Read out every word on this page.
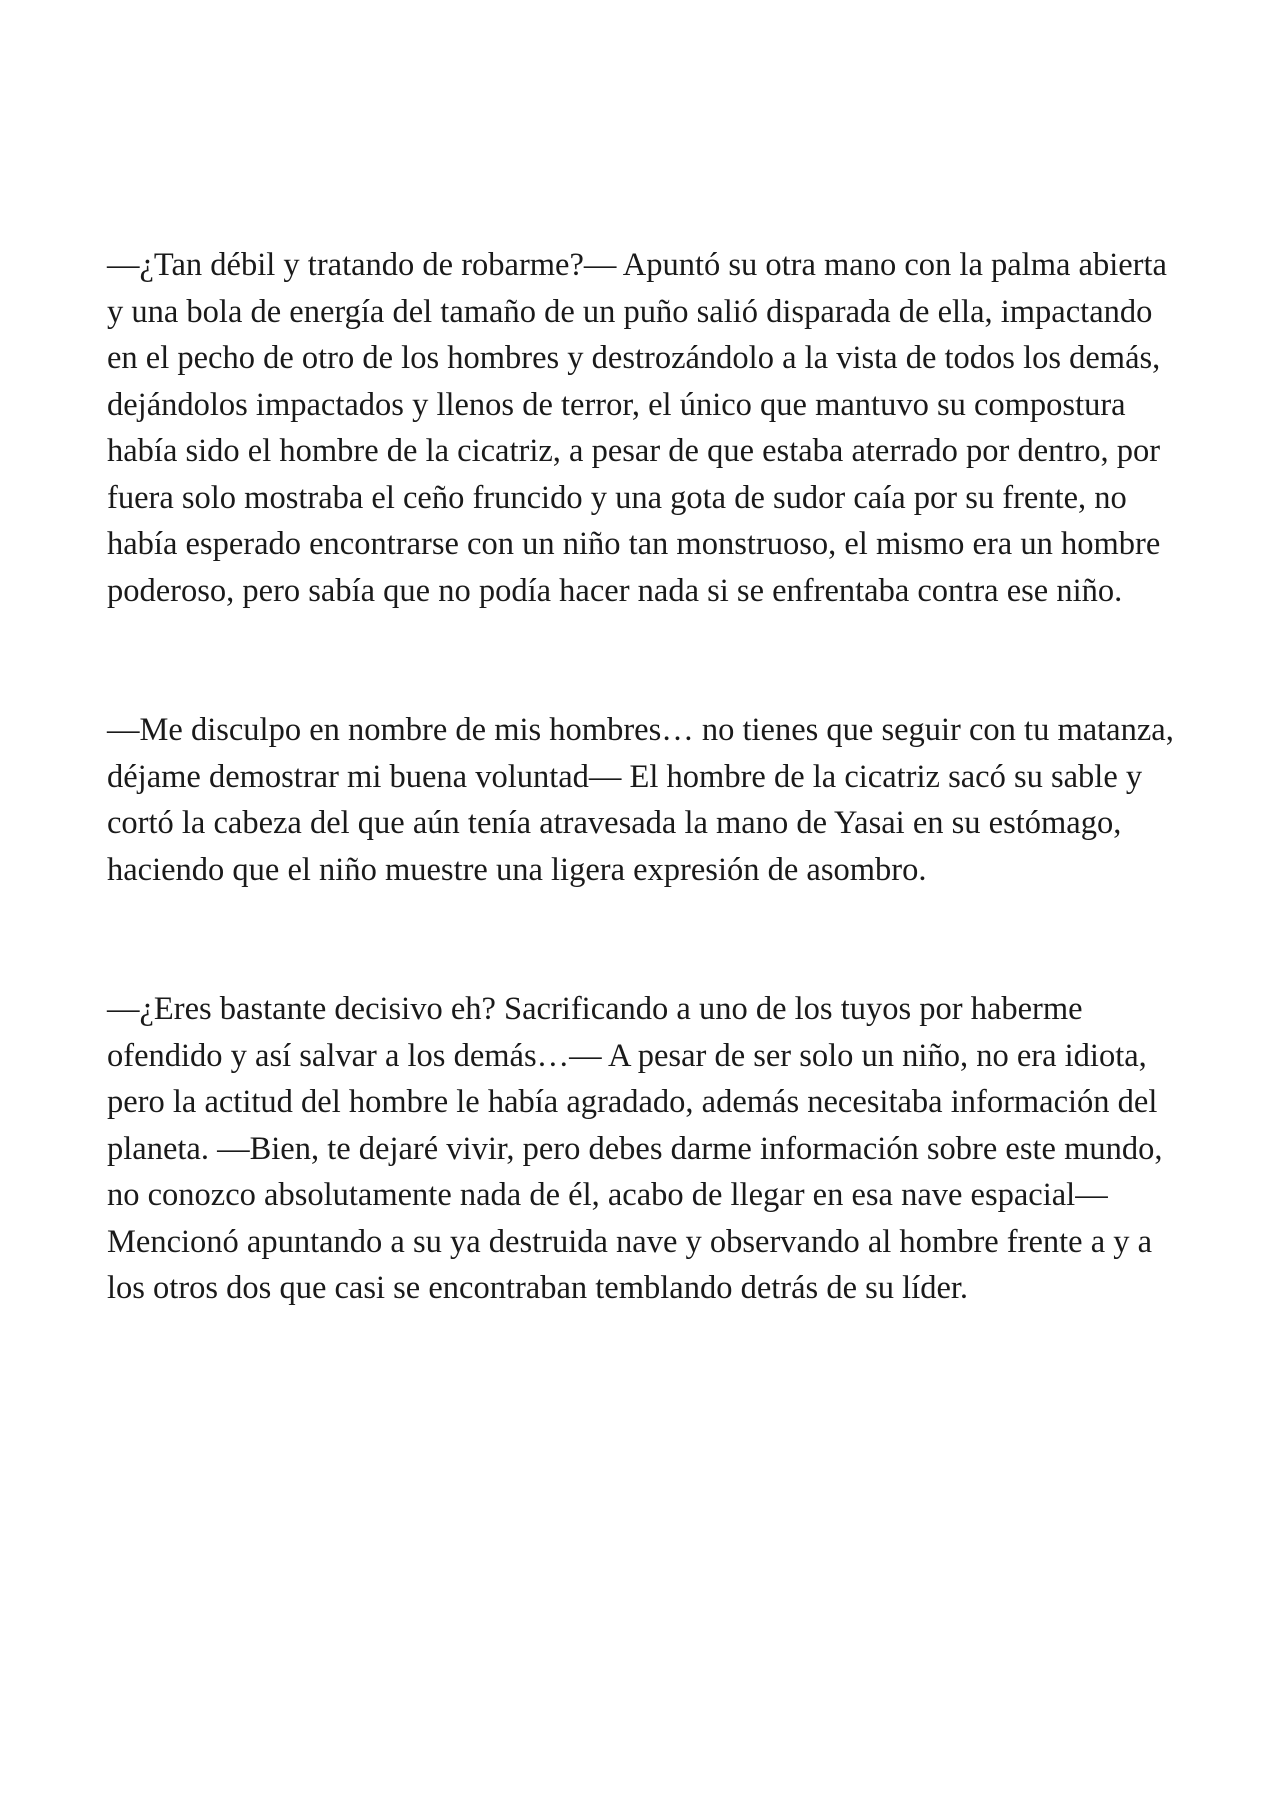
—¿Tan débil y tratando de robarme?— Apuntó su otra mano con la palma abierta y una bola de energía del tamaño de un puño salió disparada de ella, impactando en el pecho de otro de los hombres y destrozándolo a la vista de todos los demás, dejándolos impactados y llenos de terror, el único que mantuvo su compostura había sido el hombre de la cicatriz, a pesar de que estaba aterrado por dentro, por fuera solo mostraba el ceño fruncido y una gota de sudor caía por su frente, no había esperado encontrarse con un niño tan monstruoso, el mismo era un hombre poderoso, pero sabía que no podía hacer nada si se enfrentaba contra ese niño.

—Me disculpo en nombre de mis hombres… no tienes que seguir con tu matanza, déjame demostrar mi buena voluntad— El hombre de la cicatriz sacó su sable y cortó la cabeza del que aún tenía atravesada la mano de Yasai en su estómago, haciendo que el niño muestre una ligera expresión de asombro.

—¿Eres bastante decisivo eh? Sacrificando a uno de los tuyos por haberme ofendido y así salvar a los demás…— A pesar de ser solo un niño, no era idiota, pero la actitud del hombre le había agradado, además necesitaba información del planeta. —Bien, te dejaré vivir, pero debes darme información sobre este mundo, no conozco absolutamente nada de él, acabo de llegar en esa nave espacial— Mencionó apuntando a su ya destruida nave y observando al hombre frente a y a los otros dos que casi se encontraban temblando detrás de su líder.
